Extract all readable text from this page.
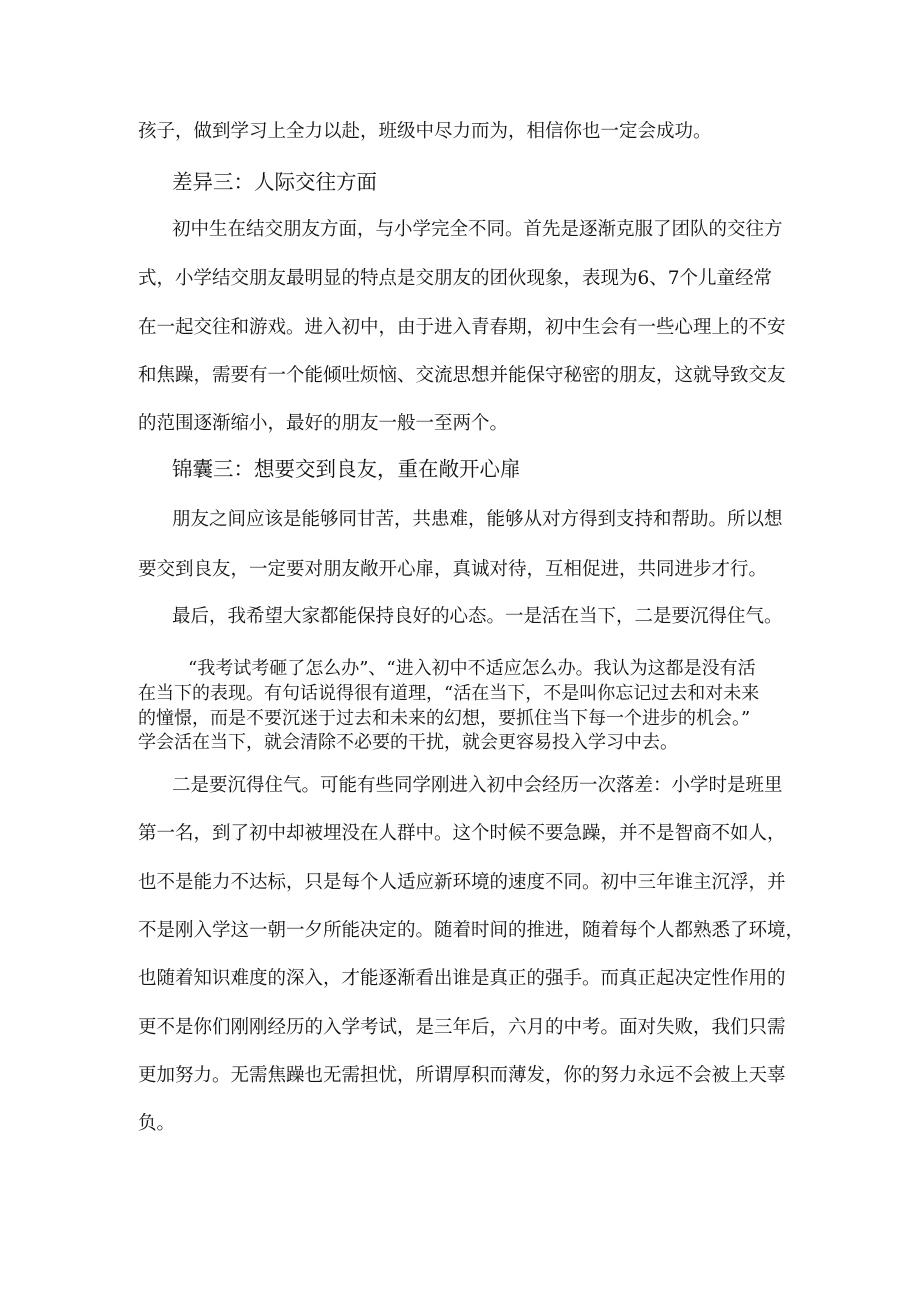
孩子，做到学习上全力以赴，班级中尽力而为，相信你也一定会成功。
差异三：人际交往方面
初中生在结交朋友方面，与小学完全不同。首先是逐渐克服了团队的交往方
式，小学结交朋友最明显的特点是交朋友的团伙现象，表现为6、7个儿童经常
在一起交往和游戏。进入初中，由于进入青春期，初中生会有一些心理上的不安
和焦躁，需要有一个能倾吐烦恼、交流思想并能保守秘密的朋友，这就导致交友
的范围逐渐缩小，最好的朋友一般一至两个。
锦囊三：想要交到良友，重在敞开心扉
朋友之间应该是能够同甘苦，共患难，能够从对方得到支持和帮助。所以想
要交到良友，一定要对朋友敞开心扉，真诚对待，互相促进，共同进步才行。
最后，我希望大家都能保持良好的心态。一是活在当下，二是要沉得住气。
“我考试考砸了怎么办”、“进入初中不适应怎么办。我认为这都是没有活
在当下的表现。有句话说得很有道理，“活在当下，不是叫你忘记过去和对未来
的憧憬，而是不要沉迷于过去和未来的幻想，要抓住当下每一个进步的机会。”
学会活在当下，就会清除不必要的干扰，就会更容易投入学习中去。
二是要沉得住气。可能有些同学刚进入初中会经历一次落差：小学时是班里
第一名，到了初中却被埋没在人群中。这个时候不要急躁，并不是智商不如人，
也不是能力不达标，只是每个人适应新环境的速度不同。初中三年谁主沉浮，并
不是刚入学这一朝一夕所能决定的。随着时间的推进，随着每个人都熟悉了环境，
也随着知识难度的深入，才能逐渐看出谁是真正的强手。而真正起决定性作用的
更不是你们刚刚经历的入学考试，是三年后，六月的中考。面对失败，我们只需
更加努力。无需焦躁也无需担忧，所谓厚积而薄发，你的努力永远不会被上天辜
负。
